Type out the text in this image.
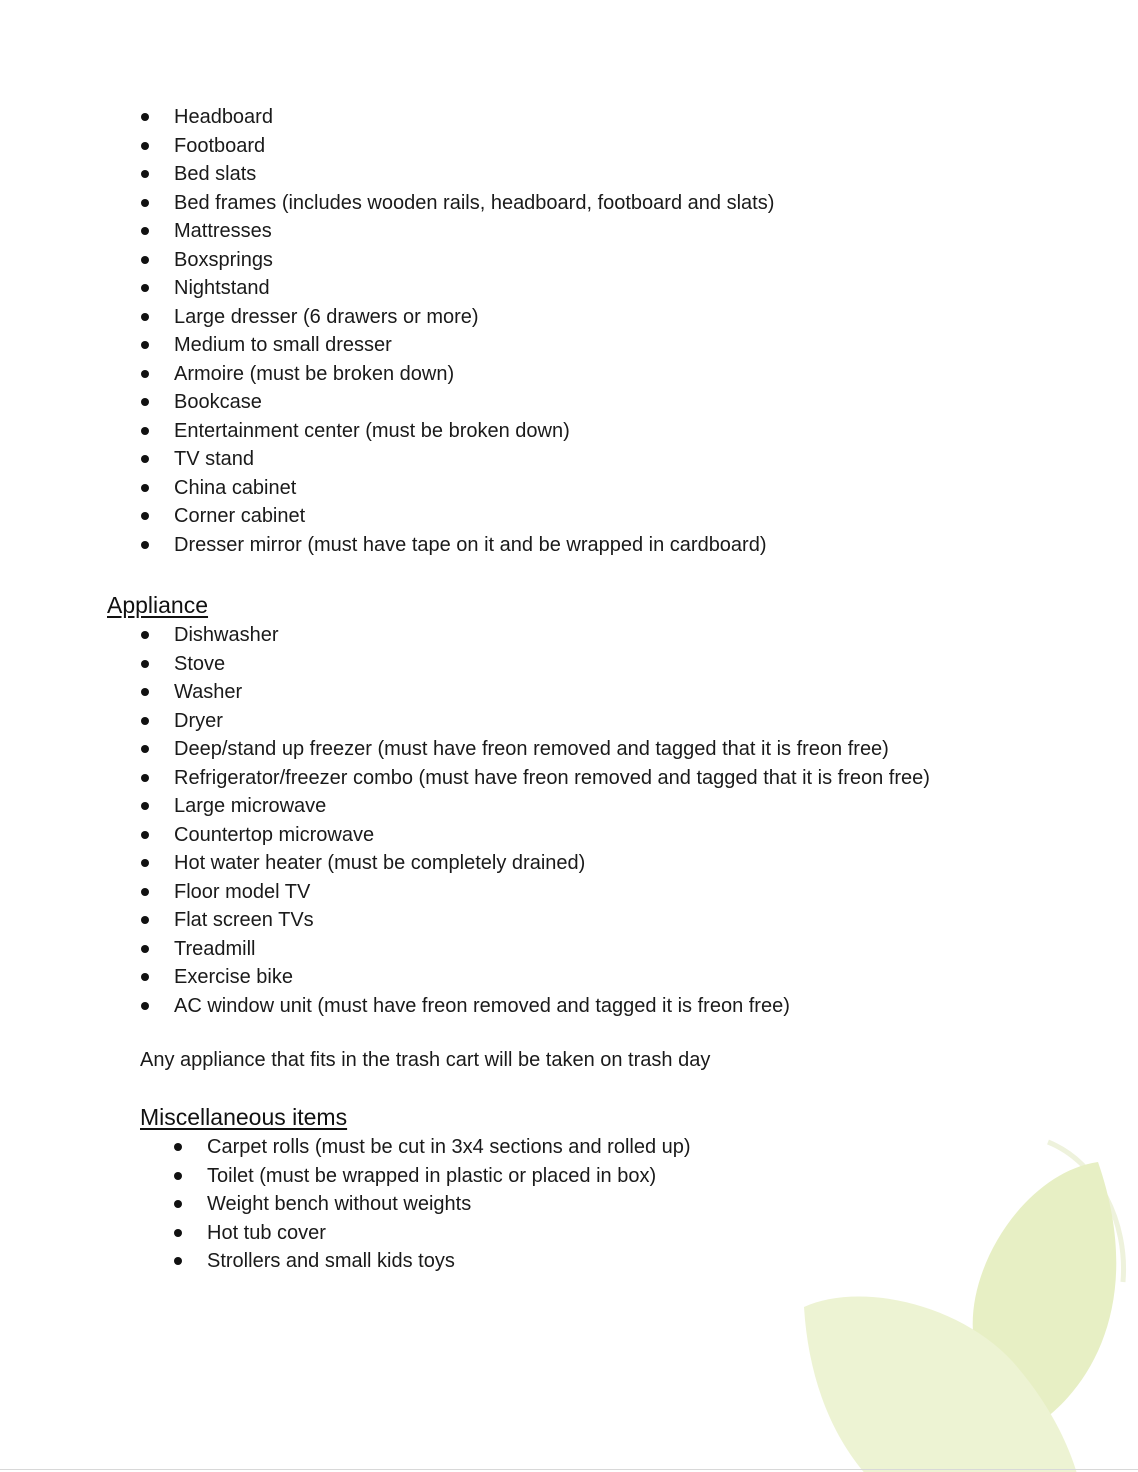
Headboard
Footboard
Bed slats
Bed frames (includes wooden rails, headboard, footboard and slats)
Mattresses
Boxsprings
Nightstand
Large dresser (6 drawers or more)
Medium to small dresser
Armoire (must be broken down)
Bookcase
Entertainment center (must be broken down)
TV stand
China cabinet
Corner cabinet
Dresser mirror (must have tape on it and be wrapped in cardboard)
Appliance
Dishwasher
Stove
Washer
Dryer
Deep/stand up freezer (must have freon removed and tagged that it is freon free)
Refrigerator/freezer combo (must have freon removed and tagged that it is freon free)
Large microwave
Countertop microwave
Hot water heater (must be completely drained)
Floor model TV
Flat screen TVs
Treadmill
Exercise bike
AC window unit (must have freon removed and tagged it is freon free)
Any appliance that fits in the trash cart will be taken on trash day
Miscellaneous items
Carpet rolls (must be cut in 3x4 sections and rolled up)
Toilet (must be wrapped in plastic or placed in box)
Weight bench without weights
Hot tub cover
Strollers and small kids toys
